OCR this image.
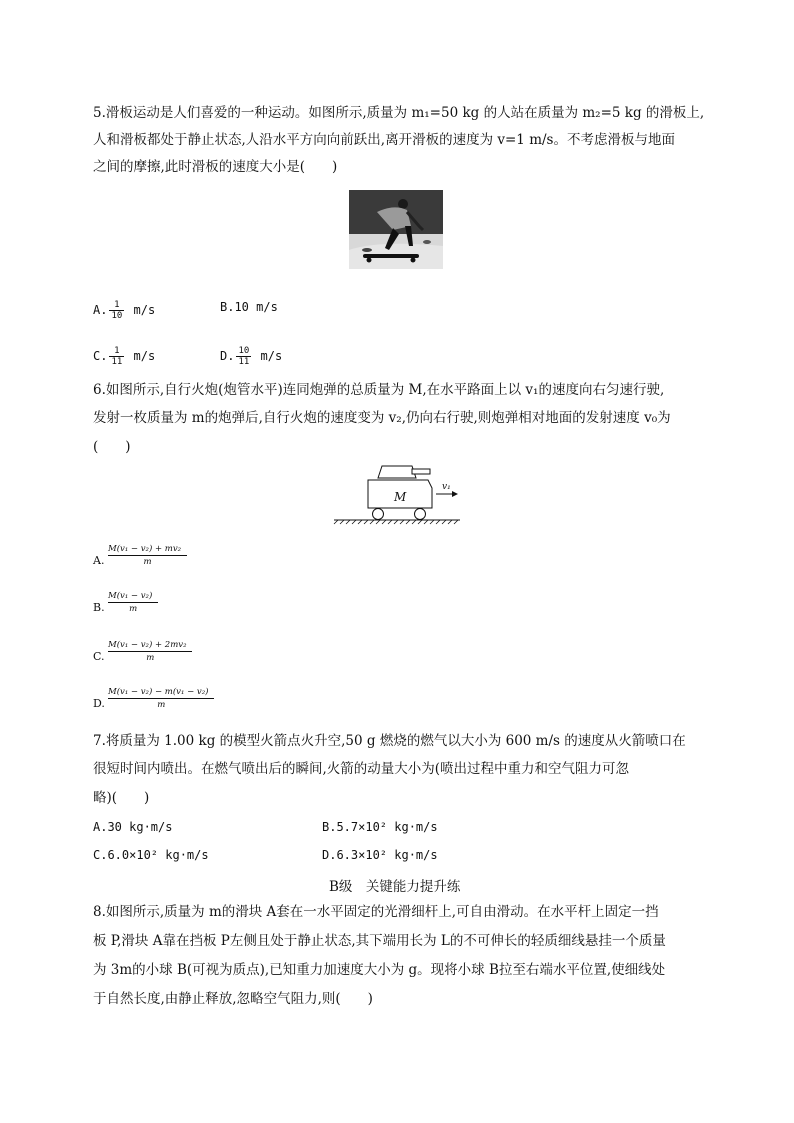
5.滑板运动是人们喜爱的一种运动。如图所示,质量为 m₁=50 kg 的人站在质量为 m₂=5 kg 的滑板上,
人和滑板都处于静止状态,人沿水平方向向前跃出,离开滑板的速度为 v=1 m/s。不考虑滑板与地面
之间的摩擦,此时滑板的速度大小是(　　)
A. $\frac{1}{10} m/s$	B.10 m/s
C. $\frac{1}{11} m/s$	D. $\frac{10}{11} m/s$
6.如图所示,自行火炮(炮管水平)连同炮弹的总质量为 M,在水平路面上以 v₁的速度向右匀速行驶,
发射一枚质量为 m的炮弹后,自行火炮的速度变为 v₂,仍向右行驶,则炮弹相对地面的发射速度 v₀为
(　　)
M
v₁
A. $\frac{\text{M(v₁ − v₂) + mv₂}}{m}$
B. $\frac{\text{M(v₁ − v₂)}}{m}$
C. $\frac{\text{M(v₁ − v₂) + 2mv₂}}{m}$
D. $\frac{\text{M(v₁ − v₂) − m(v₁ − v₂)}}{m}$
7.将质量为 1.00 kg 的模型火箭点火升空,50 g 燃烧的燃气以大小为 600 m/s 的速度从火箭喷口在
很短时间内喷出。在燃气喷出后的瞬间,火箭的动量大小为(喷出过程中重力和空气阻力可忽
略)(　　)
A.30 kg·m/s	B.5.7×10² kg·m/s
C.6.0×10² kg·m/s	D.6.3×10² kg·m/s
B级　关键能力提升练
8.如图所示,质量为 m的滑块 A套在一水平固定的光滑细杆上,可自由滑动。在水平杆上固定一挡
板 P,滑块 A靠在挡板 P左侧且处于静止状态,其下端用长为 L的不可伸长的轻质细线悬挂一个质量
为 3m的小球 B(可视为质点),已知重力加速度大小为 g。现将小球 B拉至右端水平位置,使细线处
于自然长度,由静止释放,忽略空气阻力,则(　　)
